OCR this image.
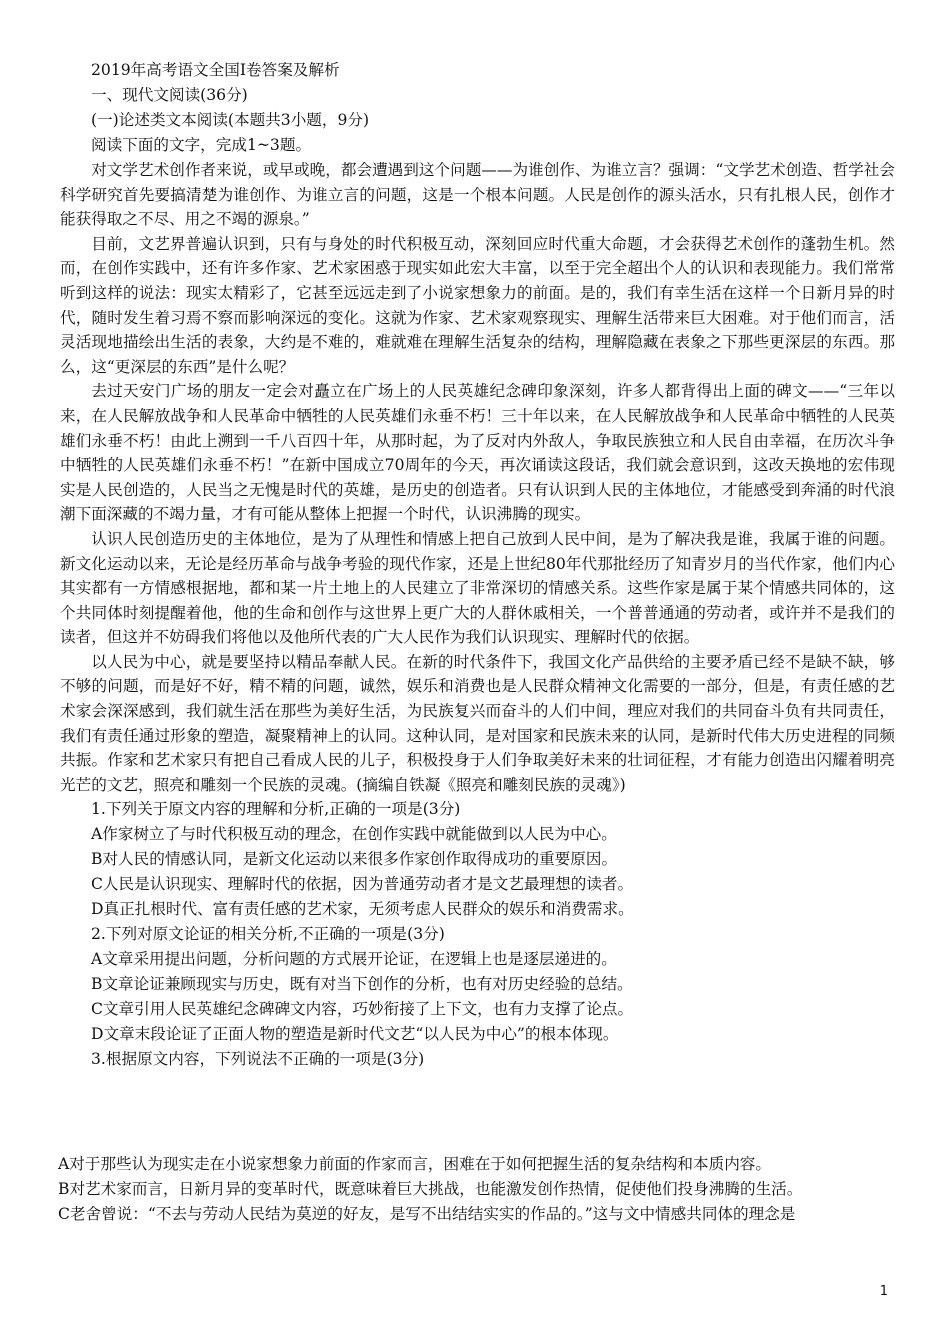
2019年高考语文全国Ⅰ卷答案及解析

一、现代文阅读(36分)

(一)论述类文本阅读(本题共3小题，9分)

阅读下面的文字，完成1~3题。

对文学艺术创作者来说，或早或晚，都会遭遇到这个问题——为谁创作、为谁立言？强调：“文学艺术创造、哲学社会科学研究首先要搞清楚为谁创作、为谁立言的问题，这是一个根本问题。人民是创作的源头活水，只有扎根人民，创作才能获得取之不尽、用之不竭的源泉。”

目前，文艺界普遍认识到，只有与身处的时代积极互动，深刻回应时代重大命题，才会获得艺术创作的蓬勃生机。然而，在创作实践中，还有许多作家、艺术家困惑于现实如此宏大丰富，以至于完全超出个人的认识和表现能力。我们常常听到这样的说法：现实太精彩了，它甚至远远走到了小说家想象力的前面。是的，我们有幸生活在这样一个日新月异的时代，随时发生着习焉不察而影响深远的变化。这就为作家、艺术家观察现实、理解生活带来巨大困难。对于他们而言，活灵活现地描绘出生活的表象，大约是不难的，难就难在理解生活复杂的结构，理解隐藏在表象之下那些更深层的东西。那么，这“更深层的东西”是什么呢？

去过天安门广场的朋友一定会对矗立在广场上的人民英雄纪念碑印象深刻，许多人都背得出上面的碑文——“三年以来，在人民解放战争和人民革命中牺牲的人民英雄们永垂不朽！三十年以来，在人民解放战争和人民革命中牺牲的人民英雄们永垂不朽！由此上溯到一千八百四十年，从那时起，为了反对内外敌人，争取民族独立和人民自由幸福，在历次斗争中牺牲的人民英雄们永垂不朽！”在新中国成立70周年的今天，再次诵读这段话，我们就会意识到，这改天换地的宏伟现实是人民创造的，人民当之无愧是时代的英雄，是历史的创造者。只有认识到人民的主体地位，才能感受到奔涌的时代浪潮下面深藏的不竭力量，才有可能从整体上把握一个时代，认识沸腾的现实。

认识人民创造历史的主体地位，是为了从理性和情感上把自己放到人民中间，是为了解决我是谁，我属于谁的问题。新文化运动以来，无论是经历革命与战争考验的现代作家，还是上世纪80年代那批经历了知青岁月的当代作家，他们内心其实都有一方情感根据地，都和某一片土地上的人民建立了非常深切的情感关系。这些作家是属于某个情感共同体的，这个共同体时刻提醒着他，他的生命和创作与这世界上更广大的人群休戚相关，一个普普通通的劳动者，或许并不是我们的读者，但这并不妨碍我们将他以及他所代表的广大人民作为我们认识现实、理解时代的依据。

以人民为中心，就是要坚持以精品奉献人民。在新的时代条件下，我国文化产品供给的主要矛盾已经不是缺不缺，够不够的问题，而是好不好，精不精的问题，诚然，娱乐和消费也是人民群众精神文化需要的一部分，但是，有责任感的艺术家会深深感到，我们就生活在那些为美好生活，为民族复兴而奋斗的人们中间，理应对我们的共同奋斗负有共同责任，我们有责任通过形象的塑造，凝聚精神上的认同。这种认同，是对国家和民族未来的认同，是新时代伟大历史进程的同频共振。作家和艺术家只有把自己看成人民的儿子，积极投身于人们争取美好未来的壮词征程，才有能力创造出闪耀着明亮光芒的文艺，照亮和雕刻一个民族的灵魂。(摘编自铁凝《照亮和雕刻民族的灵魂》)

1.下列关于原文内容的理解和分析,正确的一项是(3分)

A作家树立了与时代积极互动的理念，在创作实践中就能做到以人民为中心。

B对人民的情感认同，是新文化运动以来很多作家创作取得成功的重要原因。

C人民是认识现实、理解时代的依据，因为普通劳动者才是文艺最理想的读者。

D真正扎根时代、富有责任感的艺术家，无须考虑人民群众的娱乐和消费需求。

2.下列对原文论证的相关分析,不正确的一项是(3分)

A文章采用提出问题，分析问题的方式展开论证，在逻辑上也是逐层递进的。

B文章论证兼顾现实与历史，既有对当下创作的分析，也有对历史经验的总结。

C文章引用人民英雄纪念碑碑文内容，巧妙衔接了上下文，也有力支撑了论点。

D文章末段论证了正面人物的塑造是新时代文艺“以人民为中心”的根本体现。

3.根据原文内容，下列说法不正确的一项是(3分)

A对于那些认为现实走在小说家想象力前面的作家而言，困难在于如何把握生活的复杂结构和本质内容。

B对艺术家而言，日新月异的变革时代，既意味着巨大挑战，也能激发创作热情，促使他们投身沸腾的生活。

C老舍曾说：“不去与劳动人民结为莫逆的好友，是写不出结结实实的作品的。”这与文中情感共同体的理念是

1
